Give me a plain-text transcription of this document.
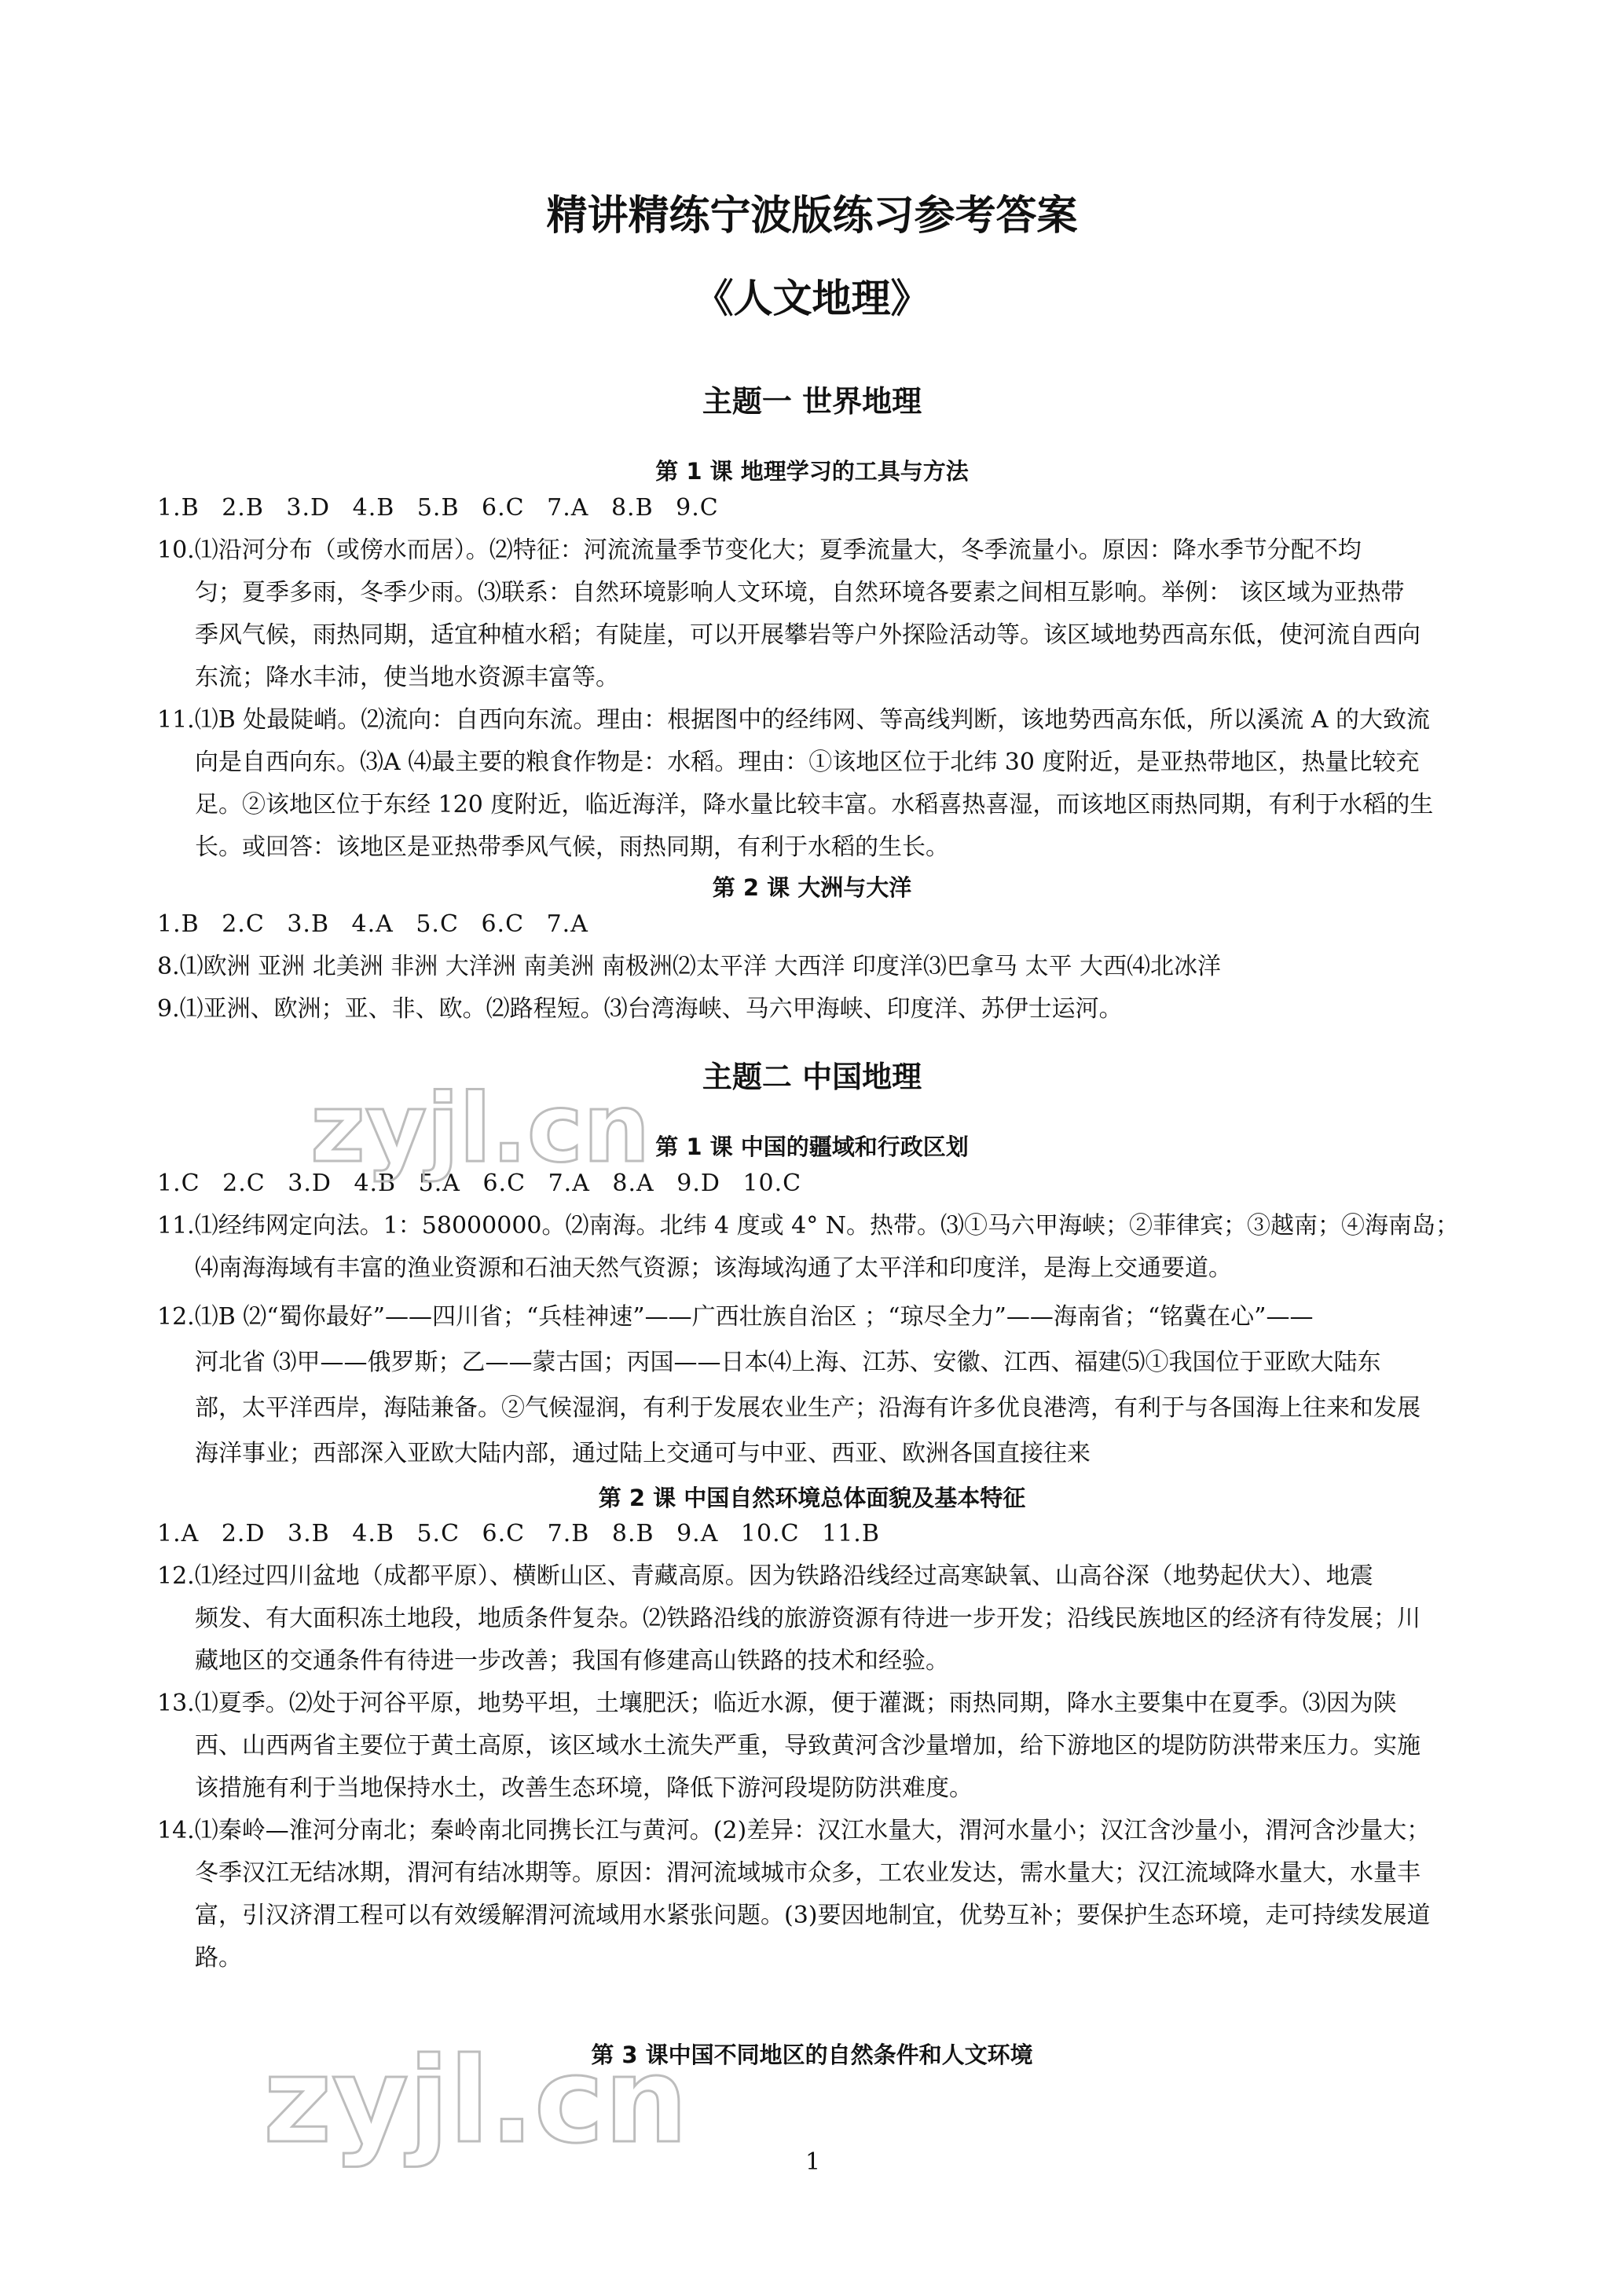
精讲精练宁波版练习参考答案
《人文地理》
主题一 世界地理
第 1 课 地理学习的工具与方法
1.B 2.B 3.D 4.B 5.B 6.C 7.A 8.B 9.C
10.⑴沿河分布（或傍水而居）。⑵特征：河流流量季节变化大；夏季流量大，冬季流量小。原因：降水季节分配不均
匀；夏季多雨，冬季少雨。⑶联系：自然环境影响人文环境，自然环境各要素之间相互影响。举例： 该区域为亚热带
季风气候，雨热同期，适宜种植水稻；有陡崖，可以开展攀岩等户外探险活动等。该区域地势西高东低，使河流自西向
东流；降水丰沛，使当地水资源丰富等。
11.⑴B 处最陡峭。⑵流向：自西向东流。理由：根据图中的经纬网、等高线判断，该地势西高东低，所以溪流 A 的大致流
向是自西向东。⑶A ⑷最主要的粮食作物是：水稻。理由：①该地区位于北纬 30 度附近，是亚热带地区，热量比较充
足。②该地区位于东经 120 度附近，临近海洋，降水量比较丰富。水稻喜热喜湿，而该地区雨热同期，有利于水稻的生
长。或回答：该地区是亚热带季风气候，雨热同期，有利于水稻的生长。
第 2 课 大洲与大洋
1.B 2.C 3.B 4.A 5.C 6.C 7.A
8.⑴欧洲 亚洲 北美洲 非洲 大洋洲 南美洲 南极洲⑵太平洋 大西洋 印度洋⑶巴拿马 太平 大西⑷北冰洋
9.⑴亚洲、欧洲；亚、非、欧。⑵路程短。⑶台湾海峡、马六甲海峡、印度洋、苏伊士运河。
主题二 中国地理
第 1 课 中国的疆域和行政区划
1.C 2.C 3.D 4.B 5.A 6.C 7.A 8.A 9.D 10.C
11.⑴经纬网定向法。1：58000000。⑵南海。北纬 4 度或 4° N。热带。⑶①马六甲海峡；②菲律宾；③越南；④海南岛；
⑷南海海域有丰富的渔业资源和石油天然气资源；该海域沟通了太平洋和印度洋，是海上交通要道。
12.⑴B ⑵“蜀你最好”——四川省；“兵桂神速”——广西壮族自治区 ；“琼尽全力”——海南省；“铭冀在心”——
河北省 ⑶甲——俄罗斯；乙——蒙古国；丙国——日本⑷上海、江苏、安徽、江西、福建⑸①我国位于亚欧大陆东
部，太平洋西岸，海陆兼备。②气候湿润，有利于发展农业生产；沿海有许多优良港湾，有利于与各国海上往来和发展
海洋事业；西部深入亚欧大陆内部，通过陆上交通可与中亚、西亚、欧洲各国直接往来
第 2 课 中国自然环境总体面貌及基本特征
1.A 2.D 3.B 4.B 5.C 6.C 7.B 8.B 9.A 10.C 11.B
12.⑴经过四川盆地（成都平原）、横断山区、青藏高原。因为铁路沿线经过高寒缺氧、山高谷深（地势起伏大）、地震
频发、有大面积冻土地段，地质条件复杂。⑵铁路沿线的旅游资源有待进一步开发；沿线民族地区的经济有待发展；川
藏地区的交通条件有待进一步改善；我国有修建高山铁路的技术和经验。
13.⑴夏季。⑵处于河谷平原，地势平坦，土壤肥沃；临近水源，便于灌溉；雨热同期，降水主要集中在夏季。⑶因为陕
西、山西两省主要位于黄土高原，该区域水土流失严重，导致黄河含沙量增加，给下游地区的堤防防洪带来压力。实施
该措施有利于当地保持水土，改善生态环境，降低下游河段堤防防洪难度。
14.⑴秦岭—淮河分南北；秦岭南北同携长江与黄河。(2)差异：汉江水量大，渭河水量小；汉江含沙量小，渭河含沙量大；
冬季汉江无结冰期，渭河有结冰期等。原因：渭河流域城市众多，工农业发达，需水量大；汉江流域降水量大，水量丰
富，引汉济渭工程可以有效缓解渭河流域用水紧张问题。(3)要因地制宜，优势互补；要保护生态环境，走可持续发展道
路。
第 3 课中国不同地区的自然条件和人文环境
zyjl.cn
zyjl.cn	1
